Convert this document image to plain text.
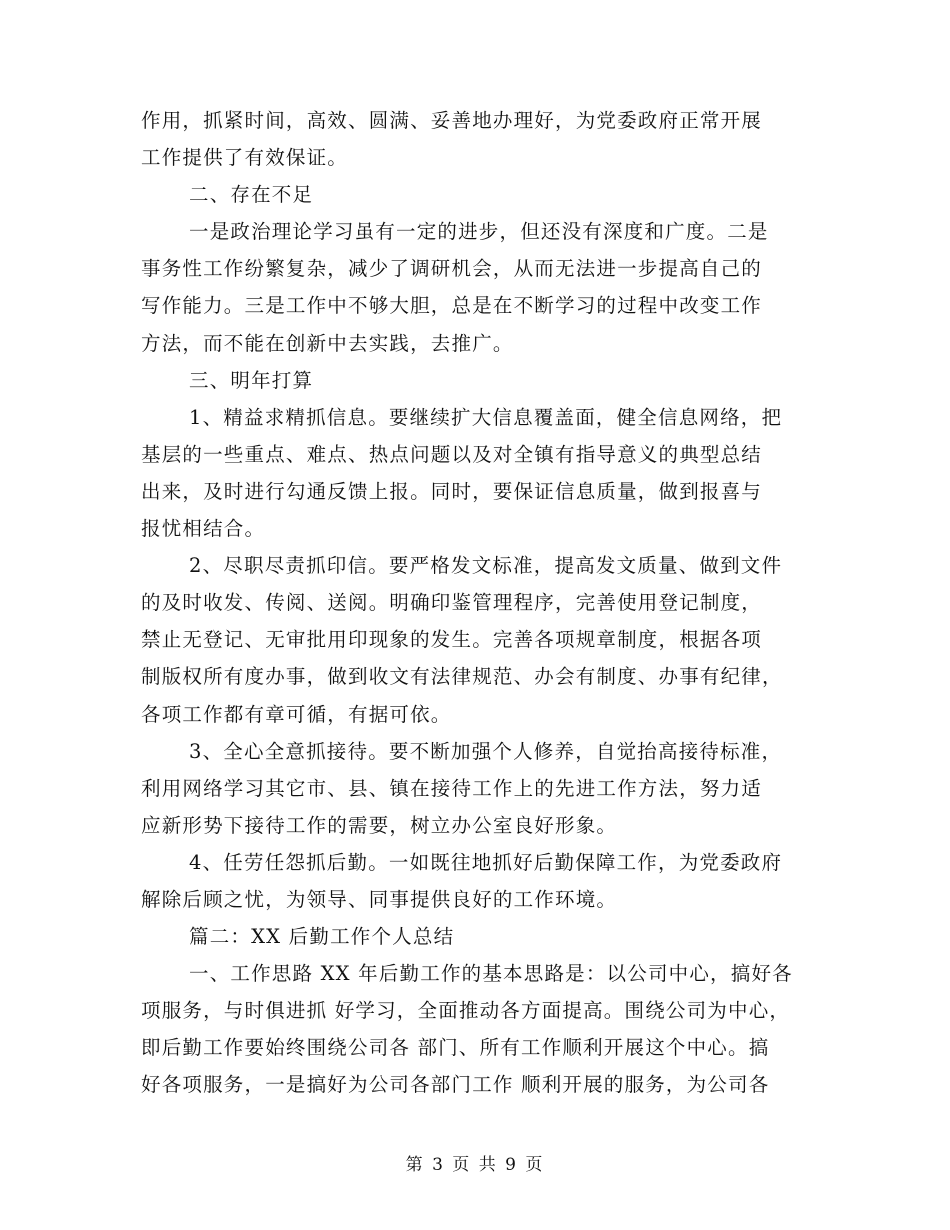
作用，抓紧时间，高效、圆满、妥善地办理好，为党委政府正常开展
工作提供了有效保证。
二、存在不足
一是政治理论学习虽有一定的进步，但还没有深度和广度。二是
事务性工作纷繁复杂，减少了调研机会，从而无法进一步提高自己的
写作能力。三是工作中不够大胆，总是在不断学习的过程中改变工作
方法，而不能在创新中去实践，去推广。
三、明年打算
1、精益求精抓信息。要继续扩大信息覆盖面，健全信息网络，把
基层的一些重点、难点、热点问题以及对全镇有指导意义的典型总结
出来，及时进行勾通反馈上报。同时，要保证信息质量，做到报喜与
报忧相结合。
2、尽职尽责抓印信。要严格发文标准，提高发文质量、做到文件
的及时收发、传阅、送阅。明确印鉴管理程序，完善使用登记制度，
禁止无登记、无审批用印现象的发生。完善各项规章制度，根据各项
制版权所有度办事，做到收文有法律规范、办会有制度、办事有纪律，
各项工作都有章可循，有据可依。
3、全心全意抓接待。要不断加强个人修养，自觉抬高接待标准，
利用网络学习其它市、县、镇在接待工作上的先进工作方法，努力适
应新形势下接待工作的需要，树立办公室良好形象。
4、任劳任怨抓后勤。一如既往地抓好后勤保障工作，为党委政府
解除后顾之忧，为领导、同事提供良好的工作环境。
篇二：XX 后勤工作个人总结
一、工作思路 XX 年后勤工作的基本思路是：以公司中心，搞好各
项服务，与时俱进抓 好学习，全面推动各方面提高。围绕公司为中心，
即后勤工作要始终围绕公司各 部门、所有工作顺利开展这个中心。搞
好各项服务，一是搞好为公司各部门工作 顺利开展的服务，为公司各
第 3 页 共 9 页
